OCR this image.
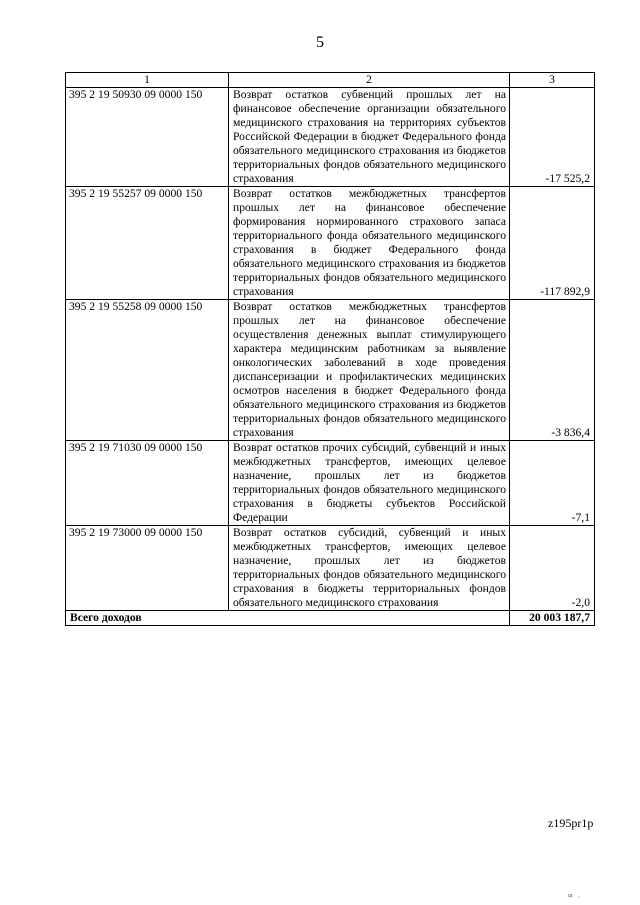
5
1	2	3
395 2 19 50930 09 0000 150	Возврат остатков субвенций прошлых лет на финансовое обеспечение организации обязательного медицинского страхования на территориях субъектов Российской Федерации в бюджет Федерального фонда обязательного медицинского страхования из бюджетов территориальных фондов обязательного медицинского страхования	-17 525,2
395 2 19 55257 09 0000 150	Возврат остатков межбюджетных трансфертов прошлых лет на финансовое обеспечение формирования нормированного страхового запаса территориального фонда обязательного медицинского страхования в бюджет Федерального фонда обязательного медицинского страхования из бюджетов территориальных фондов обязательного медицинского страхования	-117 892,9
395 2 19 55258 09 0000 150	Возврат остатков межбюджетных трансфертов прошлых лет на финансовое обеспечение осуществления денежных выплат стимулирующего характера медицинским работникам за выявление онкологических заболеваний в ходе проведения диспансеризации и профилактических медицинских осмотров населения в бюджет Федерального фонда обязательного медицинского страхования из бюджетов территориальных фондов обязательного медицинского страхования	-3 836,4
395 2 19 71030 09 0000 150	Возврат остатков прочих субсидий, субвенций и иных межбюджетных трансфертов, имеющих целевое назначение, прошлых лет из бюджетов территориальных фондов обязательного медицинского страхования в бюджеты субъектов Российской Федерации	-7,1
395 2 19 73000 09 0000 150	Возврат остатков субсидий, субвенций и иных межбюджетных трансфертов, имеющих целевое назначение, прошлых лет из бюджетов территориальных фондов обязательного медицинского страхования в бюджеты территориальных фондов обязательного медицинского страхования	-2,0
Всего доходов		20 003 187,7
z195pr1p
ш ,
